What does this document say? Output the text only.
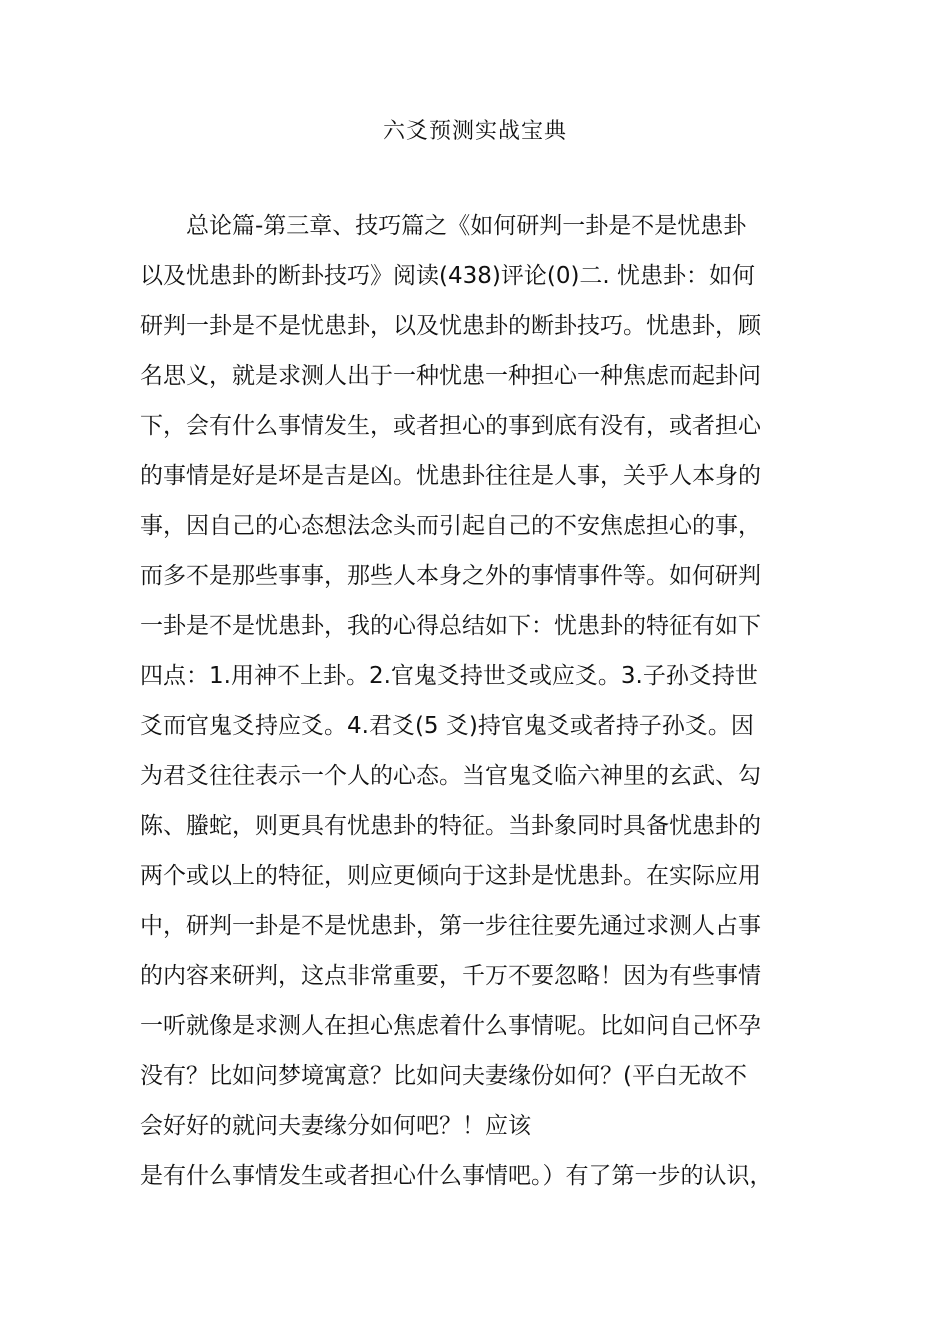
六爻预测实战宝典
总论篇-第三章、技巧篇之《如何研判一卦是不是忧患卦
以及忧患卦的断卦技巧》阅读(438)评论(0)二. 忧患卦：如何
研判一卦是不是忧患卦，以及忧患卦的断卦技巧。忧患卦，顾
名思义，就是求测人出于一种忧患一种担心一种焦虑而起卦问
下，会有什么事情发生，或者担心的事到底有没有，或者担心
的事情是好是坏是吉是凶。忧患卦往往是人事，关乎人本身的
事，因自己的心态想法念头而引起自己的不安焦虑担心的事，
而多不是那些事事，那些人本身之外的事情事件等。如何研判
一卦是不是忧患卦，我的心得总结如下：忧患卦的特征有如下
四点：1.用神不上卦。2.官鬼爻持世爻或应爻。3.子孙爻持世
爻而官鬼爻持应爻。4.君爻(5 爻)持官鬼爻或者持子孙爻。因
为君爻往往表示一个人的心态。当官鬼爻临六神里的玄武、勾
陈、螣蛇，则更具有忧患卦的特征。当卦象同时具备忧患卦的
两个或以上的特征，则应更倾向于这卦是忧患卦。在实际应用
中，研判一卦是不是忧患卦，第一步往往要先通过求测人占事
的内容来研判，这点非常重要，千万不要忽略！因为有些事情
一听就像是求测人在担心焦虑着什么事情呢。比如问自己怀孕
没有？比如问梦境寓意？比如问夫妻缘份如何？(平白无故不
会好好的就问夫妻缘分如何吧？！应该
是有什么事情发生或者担心什么事情吧。）有了第一步的认识，
